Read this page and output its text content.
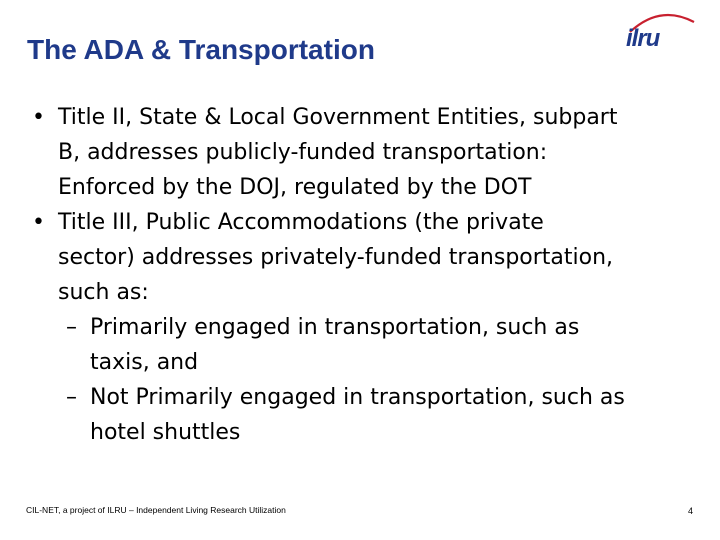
The ADA & Transportation	ilru
• Title II, State & Local Government Entities, subpart
B, addresses publicly-funded transportation:
Enforced by the DOJ, regulated by the DOT
• Title III, Public Accommodations (the private
sector) addresses privately-funded transportation,
such as:
– Primarily engaged in transportation, such as
taxis, and
– Not Primarily engaged in transportation, such as
hotel shuttles
CIL-NET, a project of ILRU – Independent Living Research Utilization	4
